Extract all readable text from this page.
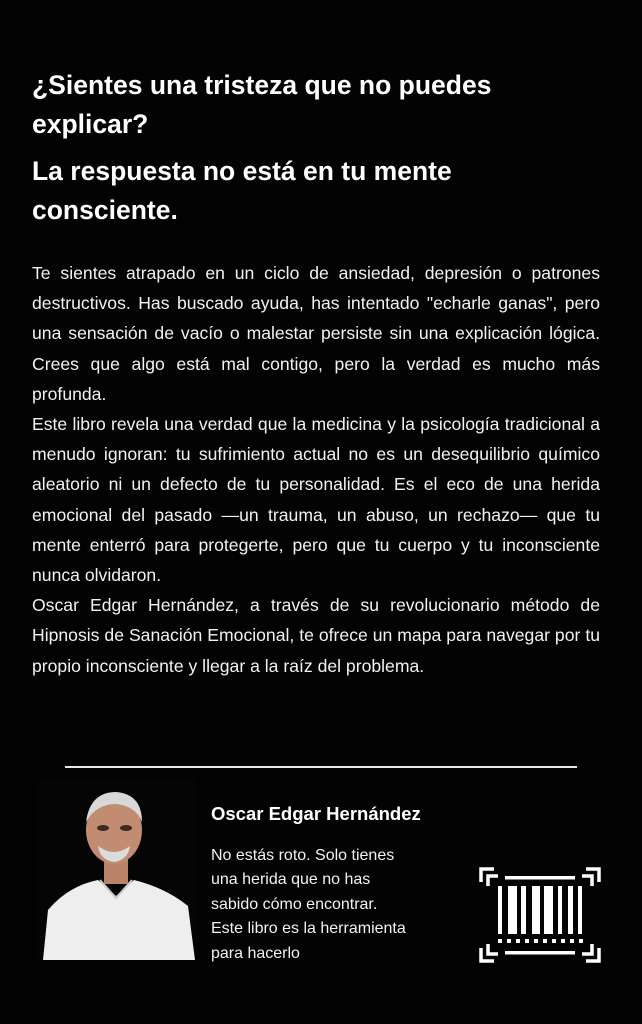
¿Sientes una tristeza que no puedes
explicar?
La respuesta no está en tu mente
consciente.

Te sientes atrapado en un ciclo de ansiedad, depresión o patrones destructivos. Has buscado ayuda, has intentado "echarle ganas", pero una sensación de vacío o malestar persiste sin una explicación lógica. Crees que algo está mal contigo, pero la verdad es mucho más profunda.

Este libro revela una verdad que la medicina y la psicología tradicional a menudo ignoran: tu sufrimiento actual no es un desequilibrio químico aleatorio ni un defecto de tu personalidad. Es el eco de una herida emocional del pasado —un trauma, un abuso, un rechazo— que tu mente enterró para protegerte, pero que tu cuerpo y tu inconsciente nunca olvidaron.

Oscar Edgar Hernández, a través de su revolucionario método de Hipnosis de Sanación Emocional, te ofrece un mapa para navegar por tu propio inconsciente y llegar a la raíz del problema.

Oscar Edgar Hernández
No estás roto. Solo tienes
una herida que no has
sabido cómo encontrar.
Este libro es la herramienta
para hacerlo
